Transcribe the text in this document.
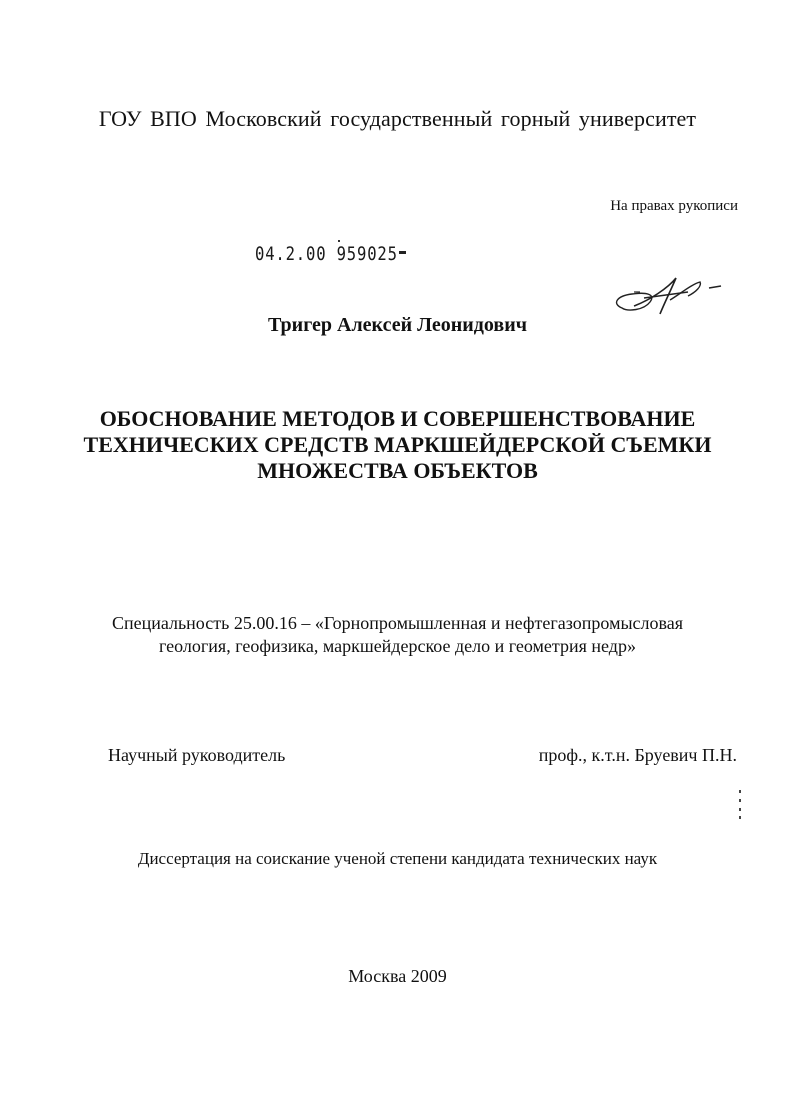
ГОУ ВПО Московский государственный горный университет
На правах рукописи
04.2.00 959025
Тригер Алексей Леонидович
ОБОСНОВАНИЕ МЕТОДОВ И СОВЕРШЕНСТВОВАНИЕ
ТЕХНИЧЕСКИХ СРЕДСТВ МАРКШЕЙДЕРСКОЙ СЪЕМКИ
МНОЖЕСТВА ОБЪЕКТОВ
Специальность 25.00.16 – «Горнопромышленная и нефтегазопромысловая
геология, геофизика, маркшейдерское дело и геометрия недр»
Научный руководитель	проф., к.т.н. Бруевич П.Н.
Диссертация на соискание ученой степени кандидата технических наук
Москва 2009
